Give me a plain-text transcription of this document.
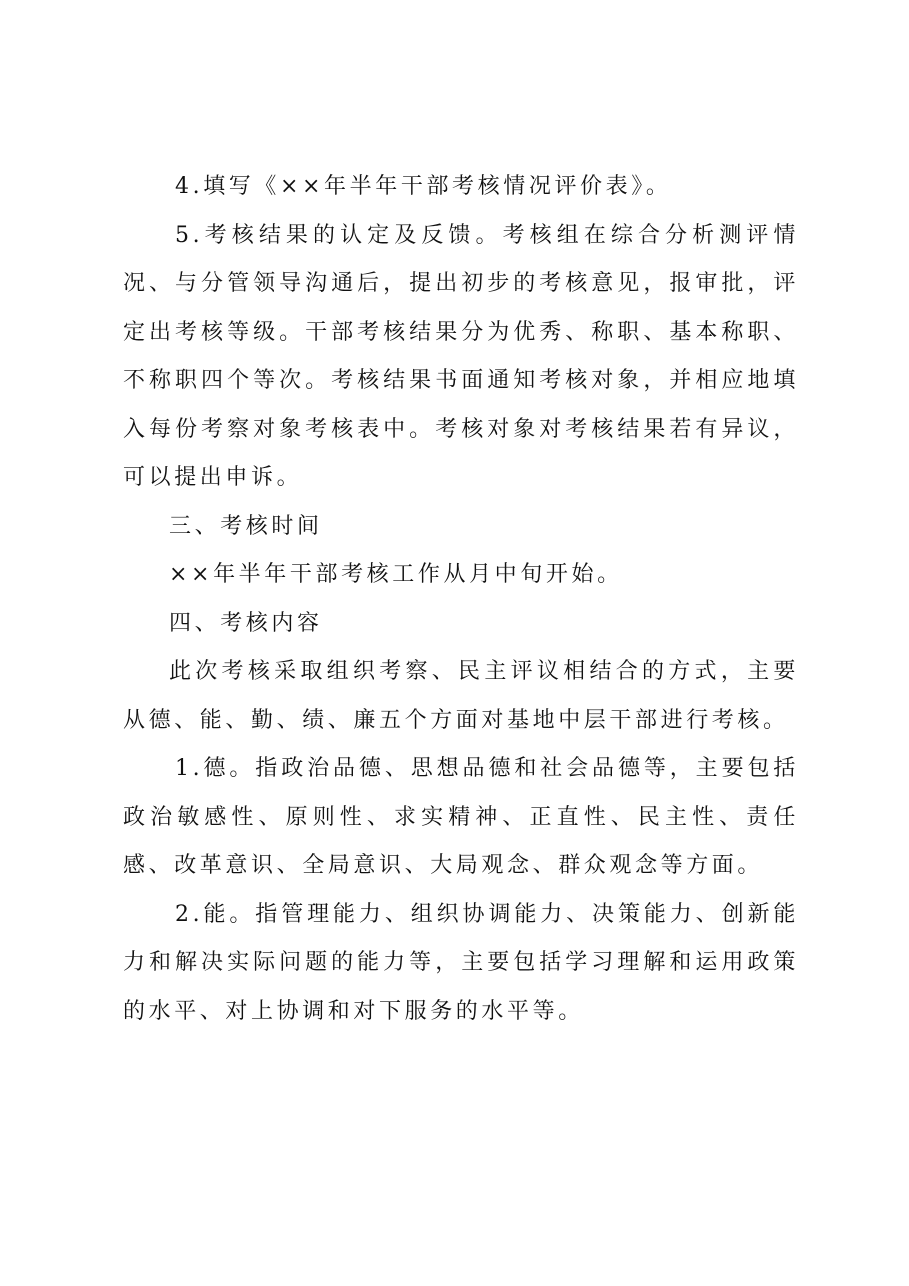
4.填写《××年半年干部考核情况评价表》。

5.考核结果的认定及反馈。考核组在综合分析测评情况、与分管领导沟通后，提出初步的考核意见，报审批，评定出考核等级。干部考核结果分为优秀、称职、基本称职、不称职四个等次。考核结果书面通知考核对象，并相应地填入每份考察对象考核表中。考核对象对考核结果若有异议，可以提出申诉。

三、考核时间

××年半年干部考核工作从月中旬开始。

四、考核内容

此次考核采取组织考察、民主评议相结合的方式，主要从德、能、勤、绩、廉五个方面对基地中层干部进行考核。

1.德。指政治品德、思想品德和社会品德等，主要包括政治敏感性、原则性、求实精神、正直性、民主性、责任感、改革意识、全局意识、大局观念、群众观念等方面。

2.能。指管理能力、组织协调能力、决策能力、创新能力和解决实际问题的能力等，主要包括学习理解和运用政策的水平、对上协调和对下服务的水平等。
